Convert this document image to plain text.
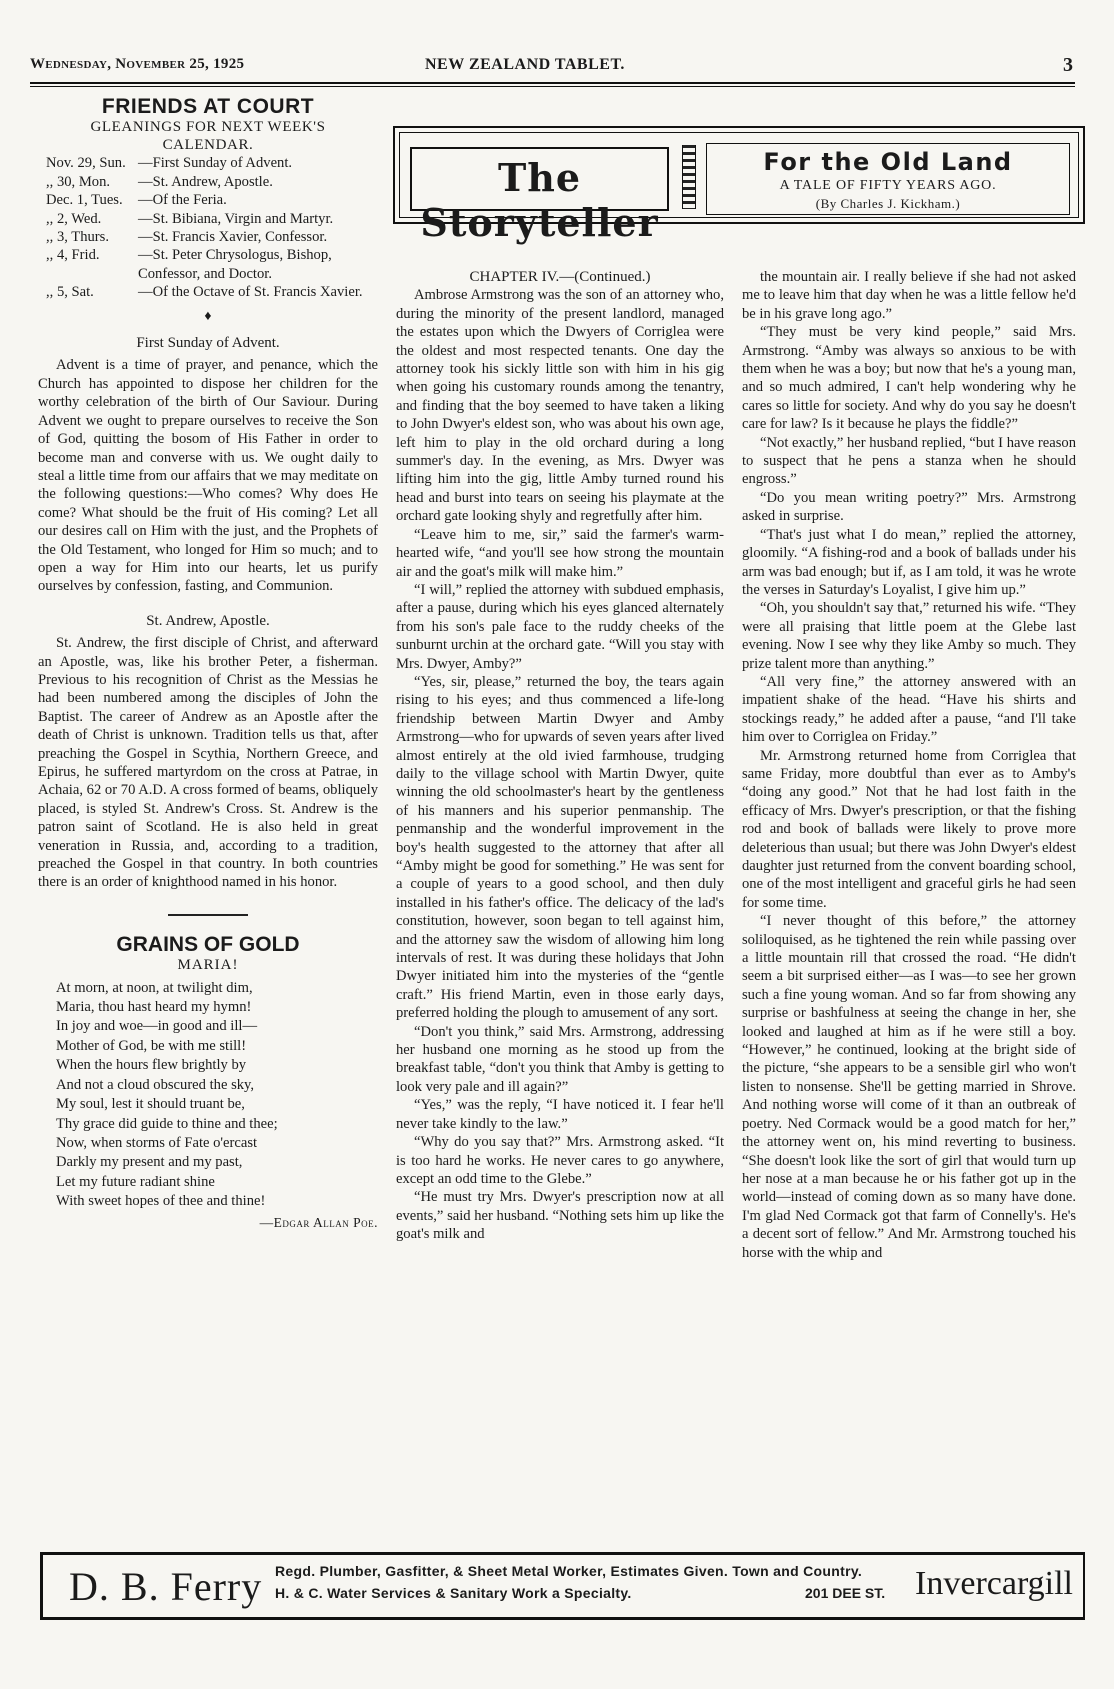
Wednesday, November 25, 1925	NEW ZEALAND TABLET.	3
FRIENDS AT COURT
GLEANINGS FOR NEXT WEEK'S
CALENDAR.
Nov. 29, Sun. —First Sunday of Advent.
,, 30, Mon.	—St. Andrew, Apostle.
Dec. 1, Tues.	—Of the Feria.
,, 2, Wed.	—St. Bibiana, Virgin and Martyr.
,, 3, Thurs.	—St. Francis Xavier, Confessor.
,, 4, Frid.	—St. Peter Chrysologus, Bishop, Confessor, and Doctor.
,, 5, Sat.	—Of the Octave of St. Francis Xavier.
♦
First Sunday of Advent.

Advent is a time of prayer, and penance, which the Church has appointed to dispose her children for the worthy celebration of the birth of Our Saviour. During Advent we ought to prepare ourselves to receive the Son of God, quitting the bosom of His Father in order to become man and converse with us. We ought daily to steal a little time from our affairs that we may meditate on the following questions:—Who comes? Why does He come? What should be the fruit of His coming? Let all our desires call on Him with the just, and the Prophets of the Old Testament, who longed for Him so much; and to open a way for Him into our hearts, let us purify ourselves by confession, fasting, and Communion.

St. Andrew, Apostle.

St. Andrew, the first disciple of Christ, and afterward an Apostle, was, like his brother Peter, a fisherman. Previous to his recognition of Christ as the Messias he had been numbered among the disciples of John the Baptist. The career of Andrew as an Apostle after the death of Christ is unknown. Tradition tells us that, after preaching the Gospel in Scythia, Northern Greece, and Epirus, he suffered martyrdom on the cross at Patrae, in Achaia, 62 or 70 A.D. A cross formed of beams, obliquely placed, is styled St. Andrew's Cross. St. Andrew is the patron saint of Scotland. He is also held in great veneration in Russia, and, according to a tradition, preached the Gospel in that country. In both countries there is an order of knighthood named in his honor.

GRAINS OF GOLD
MARIA!
At morn, at noon, at twilight dim,
Maria, thou hast heard my hymn!
In joy and woe—in good and ill—
Mother of God, be with me still!
When the hours flew brightly by
And not a cloud obscured the sky,
My soul, lest it should truant be,
Thy grace did guide to thine and thee;
Now, when storms of Fate o'ercast
Darkly my present and my past,
Let my future radiant shine
With sweet hopes of thee and thine!
—Edgar Allan Poe.
The Storyteller
For the Old Land
A TALE OF FIFTY YEARS AGO.
(By Charles J. Kickham.)

CHAPTER IV.—(Continued.)

Ambrose Armstrong was the son of an attorney who, during the minority of the present landlord, managed the estates upon which the Dwyers of Corriglea were the oldest and most respected tenants. One day the attorney took his sickly little son with him in his gig when going his customary rounds among the tenantry, and finding that the boy seemed to have taken a liking to John Dwyer's eldest son, who was about his own age, left him to play in the old orchard during a long summer's day. In the evening, as Mrs. Dwyer was lifting him into the gig, little Amby turned round his head and burst into tears on seeing his playmate at the orchard gate looking shyly and regretfully after him.

“Leave him to me, sir,” said the farmer's warm-hearted wife, “and you'll see how strong the mountain air and the goat's milk will make him.”

“I will,” replied the attorney with subdued emphasis, after a pause, during which his eyes glanced alternately from his son's pale face to the ruddy cheeks of the sunburnt urchin at the orchard gate. “Will you stay with Mrs. Dwyer, Amby?”

“Yes, sir, please,” returned the boy, the tears again rising to his eyes; and thus commenced a life-long friendship between Martin Dwyer and Amby Armstrong—who for upwards of seven years after lived almost entirely at the old ivied farmhouse, trudging daily to the village school with Martin Dwyer, quite winning the old schoolmaster's heart by the gentleness of his manners and his superior penmanship. The penmanship and the wonderful improvement in the boy's health suggested to the attorney that after all “Amby might be good for something.” He was sent for a couple of years to a good school, and then duly installed in his father's office. The delicacy of the lad's constitution, however, soon began to tell against him, and the attorney saw the wisdom of allowing him long intervals of rest. It was during these holidays that John Dwyer initiated him into the mysteries of the “gentle craft.” His friend Martin, even in those early days, preferred holding the plough to amusement of any sort.

“Don't you think,” said Mrs. Armstrong, addressing her husband one morning as he stood up from the breakfast table, “don't you think that Amby is getting to look very pale and ill again?”

“Yes,” was the reply, “I have noticed it. I fear he'll never take kindly to the law.”

“Why do you say that?” Mrs. Armstrong asked. “It is too hard he works. He never cares to go anywhere, except an odd time to the Glebe.”

“He must try Mrs. Dwyer's prescription now at all events,” said her husband. “Nothing sets him up like the goat's milk and

the mountain air. I really believe if she had not asked me to leave him that day when he was a little fellow he'd be in his grave long ago.”

“They must be very kind people,” said Mrs. Armstrong. “Amby was always so anxious to be with them when he was a boy; but now that he's a young man, and so much admired, I can't help wondering why he cares so little for society. And why do you say he doesn't care for law? Is it because he plays the fiddle?”

“Not exactly,” her husband replied, “but I have reason to suspect that he pens a stanza when he should engross.”

“Do you mean writing poetry?” Mrs. Armstrong asked in surprise.

“That's just what I do mean,” replied the attorney, gloomily. “A fishing-rod and a book of ballads under his arm was bad enough; but if, as I am told, it was he wrote the verses in Saturday's Loyalist, I give him up.”

“Oh, you shouldn't say that,” returned his wife. “They were all praising that little poem at the Glebe last evening. Now I see why they like Amby so much. They prize talent more than anything.”

“All very fine,” the attorney answered with an impatient shake of the head. “Have his shirts and stockings ready,” he added after a pause, “and I'll take him over to Corriglea on Friday.”

Mr. Armstrong returned home from Corriglea that same Friday, more doubtful than ever as to Amby's “doing any good.” Not that he had lost faith in the efficacy of Mrs. Dwyer's prescription, or that the fishing rod and book of ballads were likely to prove more deleterious than usual; but there was John Dwyer's eldest daughter just returned from the convent boarding school, one of the most intelligent and graceful girls he had seen for some time.

“I never thought of this before,” the attorney soliloquised, as he tightened the rein while passing over a little mountain rill that crossed the road. “He didn't seem a bit surprised either—as I was—to see her grown such a fine young woman. And so far from showing any surprise or bashfulness at seeing the change in her, she looked and laughed at him as if he were still a boy. “However,” he continued, looking at the bright side of the picture, “she appears to be a sensible girl who won't listen to nonsense. She'll be getting married in Shrove. And nothing worse will come of it than an outbreak of poetry. Ned Cormack would be a good match for her,” the attorney went on, his mind reverting to business. “She doesn't look like the sort of girl that would turn up her nose at a man because he or his father got up in the world—instead of coming down as so many have done. I'm glad Ned Cormack got that farm of Connelly's. He's a decent sort of fellow.” And Mr. Armstrong touched his horse with the whip and

D. B. Ferry Regd. Plumber, Gasfitter, & Sheet Metal Worker, Estimates Given. Town and Country.
H. & C. Water Services & Sanitary Work a Specialty.	201 DEE ST. Invercargill
